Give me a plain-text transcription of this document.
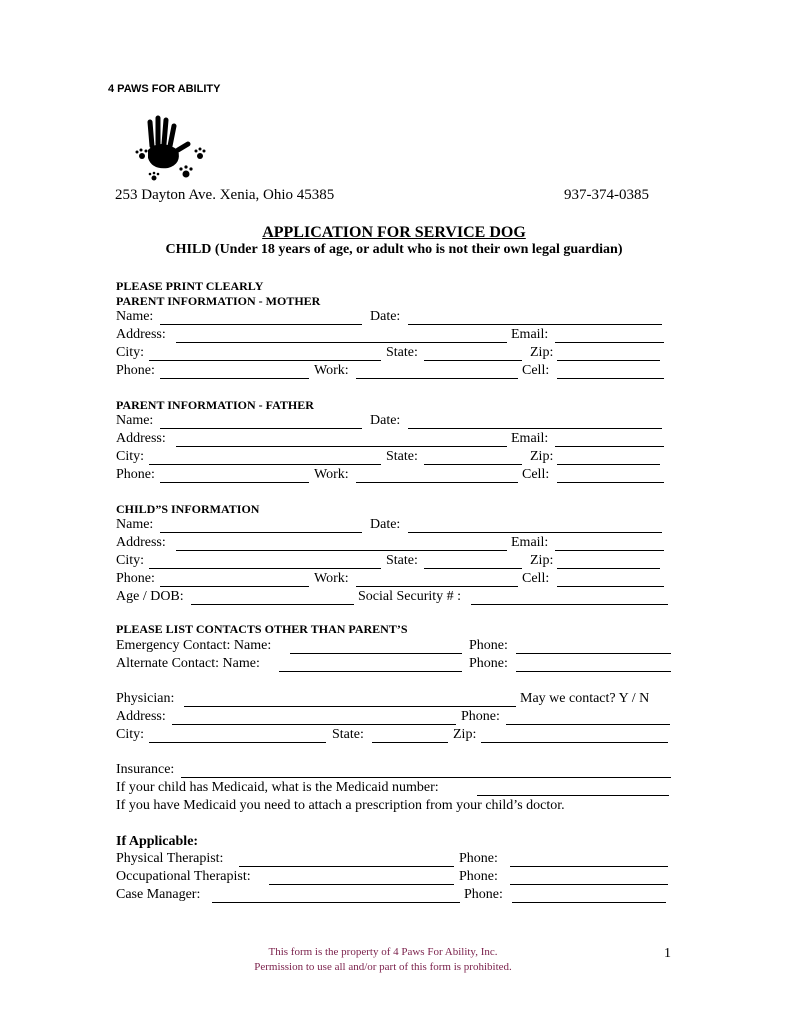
4 PAWS FOR ABILITY
253 Dayton Ave. Xenia, Ohio 45385	937-374-0385
APPLICATION FOR SERVICE DOG
CHILD (Under 18 years of age, or adult who is not their own legal guardian)
PLEASE PRINT CLEARLY
PARENT INFORMATION - MOTHER
Name:	Date:
Address:	Email:
City:	State:	Zip:
Phone:	Work:	Cell:
PARENT INFORMATION - FATHER
Name:	Date:
Address:	Email:
City:	State:	Zip:
Phone:	Work:	Cell:
CHILD”S INFORMATION
Name:	Date:
Address:	Email:
City:	State:	Zip:
Phone:	Work:	Cell:
Age / DOB:	Social Security # :
PLEASE LIST CONTACTS OTHER THAN PARENT’S
Emergency Contact: Name:	Phone:
Alternate Contact: Name:	Phone:
Physician:	May we contact? Y / N
Address:	Phone:
City:	State:	Zip:
Insurance:
If your child has Medicaid, what is the Medicaid number:
If you have Medicaid you need to attach a prescription from your child’s doctor.
If Applicable:
Physical Therapist:	Phone:
Occupational Therapist:	Phone:
Case Manager:	Phone:
This form is the property of 4 Paws For Ability, Inc.
Permission to use all and/or part of this form is prohibited.
1
